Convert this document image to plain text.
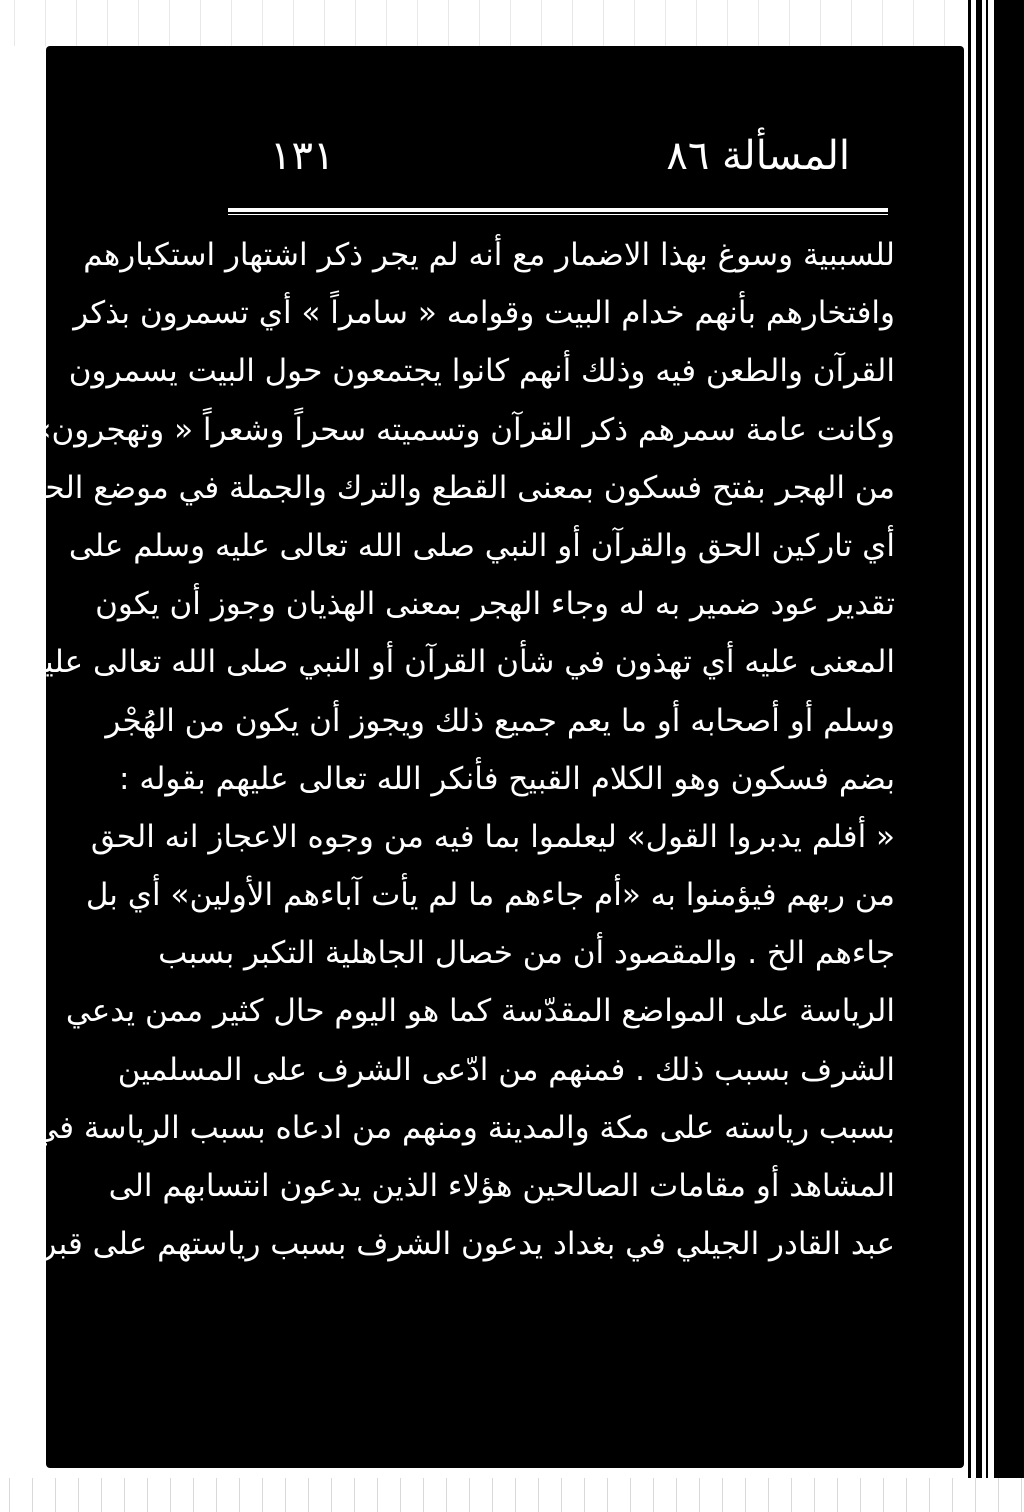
المسألة ٨٦
١٣١
للسببية وسوغ بهذا الاضمار مع أنه لم يجر ذكر اشتهار استكبارهم
وافتخارهم بأنهم خدام البيت وقوامه « سامراً » أي تسمرون بذكر
القرآن والطعن فيه وذلك أنهم كانوا يجتمعون حول البيت يسمرون
وكانت عامة سمرهم ذكر القرآن وتسميته سحراً وشعراً « وتهجرون»
من الهجر بفتح فسكون بمعنى القطع والترك والجملة في موضع الحال
أي تاركين الحق والقرآن أو النبي صلى الله تعالى عليه وسلم على
تقدير عود ضمير به له وجاء الهجر بمعنى الهذيان وجوز أن يكون
المعنى عليه أي تهذون في شأن القرآن أو النبي صلى الله تعالى عليه
وسلم أو أصحابه أو ما يعم جميع ذلك ويجوز أن يكون من الهُجْر
بضم فسكون وهو الكلام القبيح فأنكر الله تعالى عليهم بقوله :
« أفلم يدبروا القول» ليعلموا بما فيه من وجوه الاعجاز انه الحق
من ربهم فيؤمنوا به «أم جاءهم ما لم يأت آباءهم الأولين» أي بل
جاءهم الخ . والمقصود أن من خصال الجاهلية التكبر بسبب
الرياسة على المواضع المقدّسة كما هو اليوم حال كثير ممن يدعي
الشرف بسبب ذلك . فمنهم من ادّعى الشرف على المسلمين
بسبب رياسته على مكة والمدينة ومنهم من ادعاه بسبب الرياسة في
المشاهد أو مقامات الصالحين هؤلاء الذين يدعون انتسابهم الى
عبد القادر الجيلي في بغداد يدعون الشرف بسبب رياستهم على قبر
